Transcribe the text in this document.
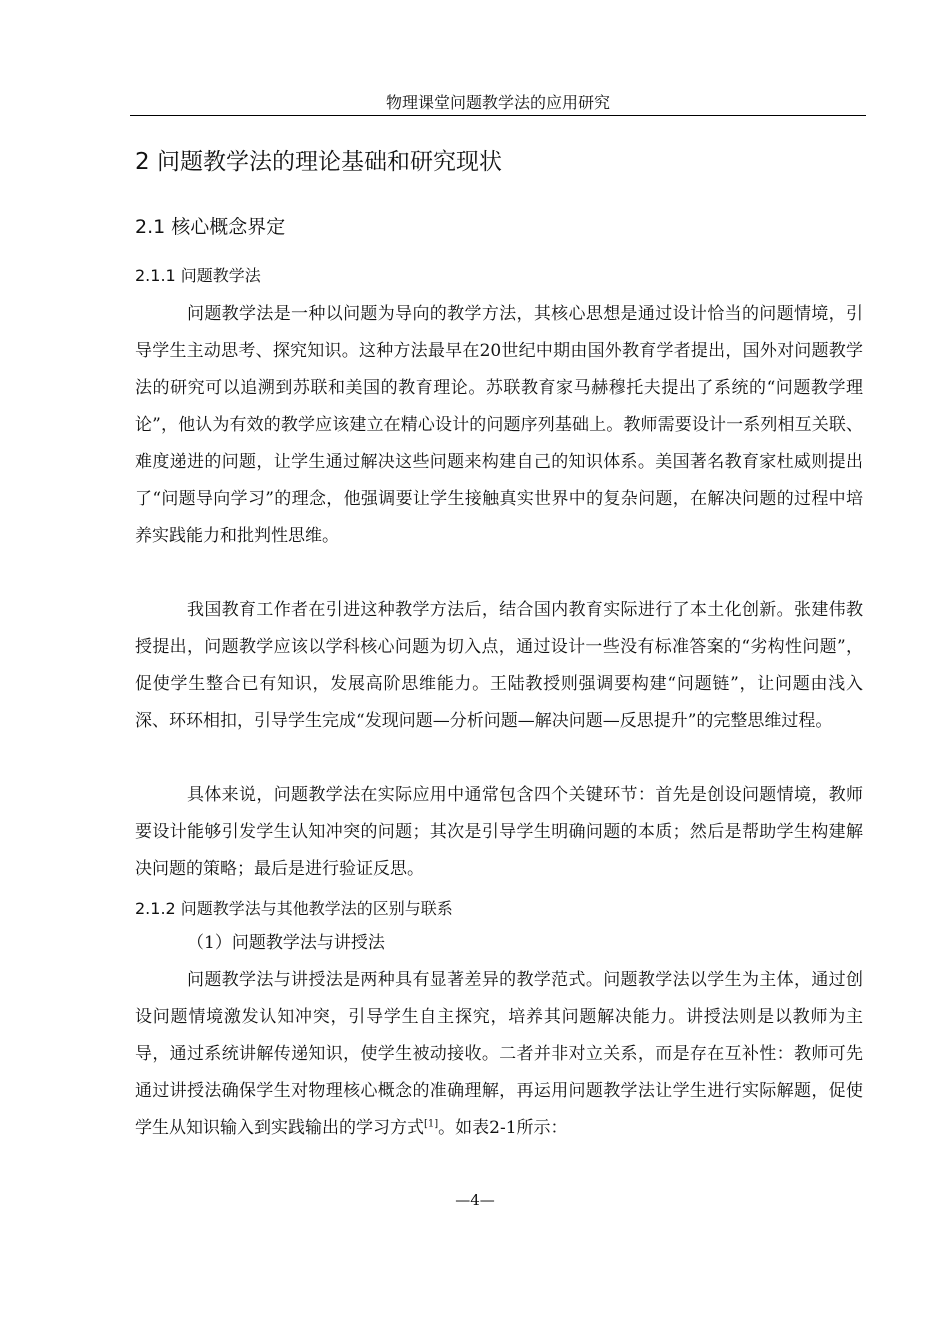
物理课堂问题教学法的应用研究
2 问题教学法的理论基础和研究现状
2.1 核心概念界定
2.1.1 问题教学法

问题教学法是一种以问题为导向的教学方法，其核心思想是通过设计恰当的问题情境，引导学生主动思考、探究知识。这种方法最早在20世纪中期由国外教育学者提出，国外对问题教学法的研究可以追溯到苏联和美国的教育理论。苏联教育家马赫穆托夫提出了系统的“问题教学理论”，他认为有效的教学应该建立在精心设计的问题序列基础上。教师需要设计一系列相互关联、难度递进的问题，让学生通过解决这些问题来构建自己的知识体系。美国著名教育家杜威则提出了“问题导向学习”的理念，他强调要让学生接触真实世界中的复杂问题，在解决问题的过程中培养实践能力和批判性思维。

我国教育工作者在引进这种教学方法后，结合国内教育实际进行了本土化创新。张建伟教授提出，问题教学应该以学科核心问题为切入点，通过设计一些没有标准答案的“劣构性问题”，促使学生整合已有知识，发展高阶思维能力。王陆教授则强调要构建“问题链”，让问题由浅入深、环环相扣，引导学生完成“发现问题—分析问题—解决问题—反思提升”的完整思维过程。

具体来说，问题教学法在实际应用中通常包含四个关键环节：首先是创设问题情境，教师要设计能够引发学生认知冲突的问题；其次是引导学生明确问题的本质；然后是帮助学生构建解决问题的策略；最后是进行验证反思。

2.1.2 问题教学法与其他教学法的区别与联系
（1）问题教学法与讲授法

问题教学法与讲授法是两种具有显著差异的教学范式。问题教学法以学生为主体，通过创设问题情境激发认知冲突，引导学生自主探究，培养其问题解决能力。讲授法则是以教师为主导，通过系统讲解传递知识，使学生被动接收。二者并非对立关系，而是存在互补性：教师可先通过讲授法确保学生对物理核心概念的准确理解，再运用问题教学法让学生进行实际解题，促使学生从知识输入到实践输出的学习方式[1]。如表2-1所示：

—4—
